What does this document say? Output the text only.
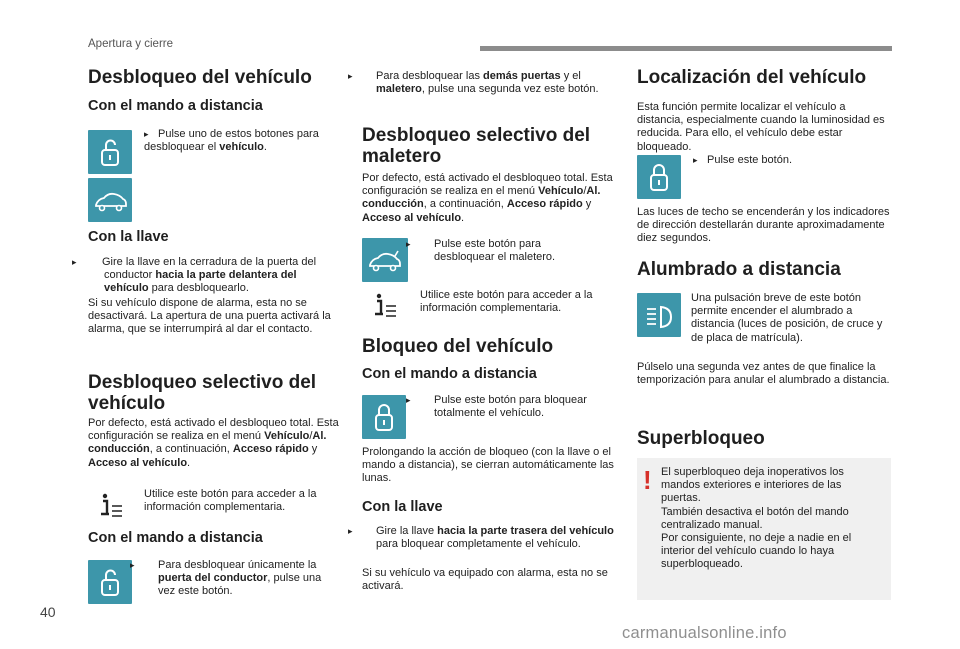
Apertura y cierre
40
carmanualsonline.info
Desbloqueo del vehículo
Con el mando a distancia
▸ Pulse uno de estos botones para desbloquear el vehículo.
Con la llave
▸ Gire la llave en la cerradura de la puerta del conductor hacia la parte delantera del vehículo para desbloquearlo.
Si su vehículo dispone de alarma, esta no se desactivará. La apertura de una puerta activará la alarma, que se interrumpirá al dar el contacto.
Desbloqueo selectivo del vehículo
Por defecto, está activado el desbloqueo total. Esta configuración se realiza en el menú Vehículo/Al. conducción, a continuación, Acceso rápido y Acceso al vehículo.
Utilice este botón para acceder a la información complementaria.
Con el mando a distancia
▸ Para desbloquear únicamente la puerta del conductor, pulse una vez este botón.
▸ Para desbloquear las demás puertas y el maletero, pulse una segunda vez este botón.
Desbloqueo selectivo del maletero
Por defecto, está activado el desbloqueo total. Esta configuración se realiza en el menú Vehículo/Al. conducción, a continuación, Acceso rápido y Acceso al vehículo.
▸ Pulse este botón para desbloquear el maletero.
Utilice este botón para acceder a la información complementaria.
Bloqueo del vehículo
Con el mando a distancia
▸ Pulse este botón para bloquear totalmente el vehículo.
Prolongando la acción de bloqueo (con la llave o el mando a distancia), se cierran automáticamente las lunas.
Con la llave
▸ Gire la llave hacia la parte trasera del vehículo para bloquear completamente el vehículo.
Si su vehículo va equipado con alarma, esta no se activará.
Localización del vehículo
Esta función permite localizar el vehículo a distancia, especialmente cuando la luminosidad es reducida. Para ello, el vehículo debe estar bloqueado.
▸ Pulse este botón.
Las luces de techo se encenderán y los indicadores de dirección destellarán durante aproximadamente diez segundos.
Alumbrado a distancia
Una pulsación breve de este botón permite encender el alumbrado a distancia (luces de posición, de cruce y de placa de matrícula).
Púlselo una segunda vez antes de que finalice la temporización para anular el alumbrado a distancia.
Superbloqueo
! El superbloqueo deja inoperativos los mandos exteriores e interiores de las puertas.
También desactiva el botón del mando centralizado manual.
Por consiguiente, no deje a nadie en el interior del vehículo cuando lo haya superbloqueado.
